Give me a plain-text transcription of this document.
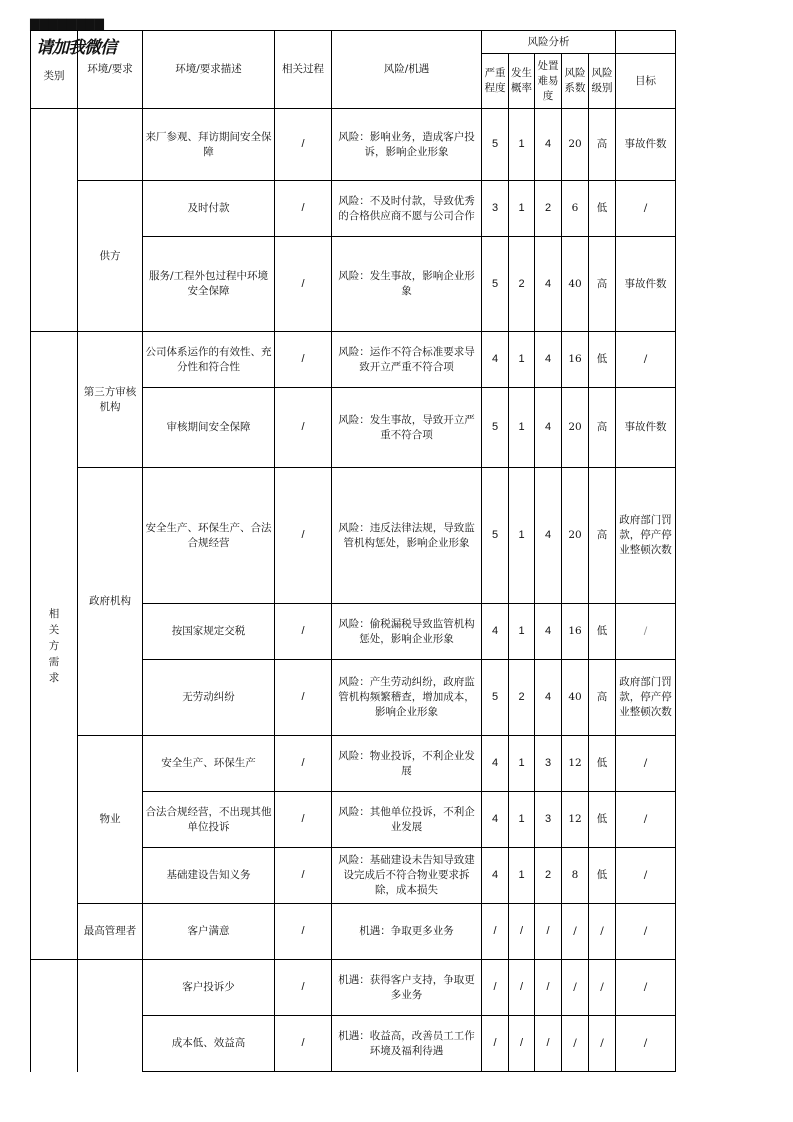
▇▇▇▇▇▇▇▇
请加我微信
类别	环境/要求	环境/要求描述	相关过程	风险/机遇	风险分析					
					严重程度	发生概率	处置难易度	风险系数	风险级别	目标
		来厂参观、拜访期间安全保障	/	风险：影响业务，造成客户投诉，影响企业形象	5	1	4	20	高	事故件数
	供方	及时付款	/	风险：不及时付款，导致优秀的合格供应商不愿与公司合作	3	1	2	6	低	/
		服务/工程外包过程中环境安全保障	/	风险：发生事故，影响企业形象	5	2	4	40	高	事故件数
相关方需求	第三方审核机构	公司体系运作的有效性、充分性和符合性	/	风险：运作不符合标准要求导致开立严重不符合项	4	1	4	16	低	/
		审核期间安全保障	/	风险：发生事故，导致开立严重不符合项	5	1	4	20	高	事故件数
	政府机构	安全生产、环保生产、合法合规经营	/	风险：违反法律法规，导致监管机构惩处，影响企业形象	5	1	4	20	高	政府部门罚款，停产停业整顿次数
		按国家规定交税	/	风险：偷税漏税导致监管机构惩处，影响企业形象	4	1	4	16	低	/
		无劳动纠纷	/	风险：产生劳动纠纷，政府监管机构频繁稽查，增加成本，影响企业形象	5	2	4	40	高	政府部门罚款，停产停业整顿次数
	物业	安全生产、环保生产	/	风险：物业投诉，不利企业发展	4	1	3	12	低	/
		合法合规经营，不出现其他单位投诉	/	风险：其他单位投诉，不利企业发展	4	1	3	12	低	/
		基础建设告知义务	/	风险：基础建设未告知导致建设完成后不符合物业要求拆除，成本损失	4	1	2	8	低	/
	最高管理者	客户满意	/	机遇：争取更多业务	/	/	/	/	/	/
		客户投诉少	/	机遇：获得客户支持，争取更多业务	/	/	/	/	/	/
		成本低、效益高	/	机遇：收益高，改善员工工作环境及福利待遇	/	/	/	/	/	/
